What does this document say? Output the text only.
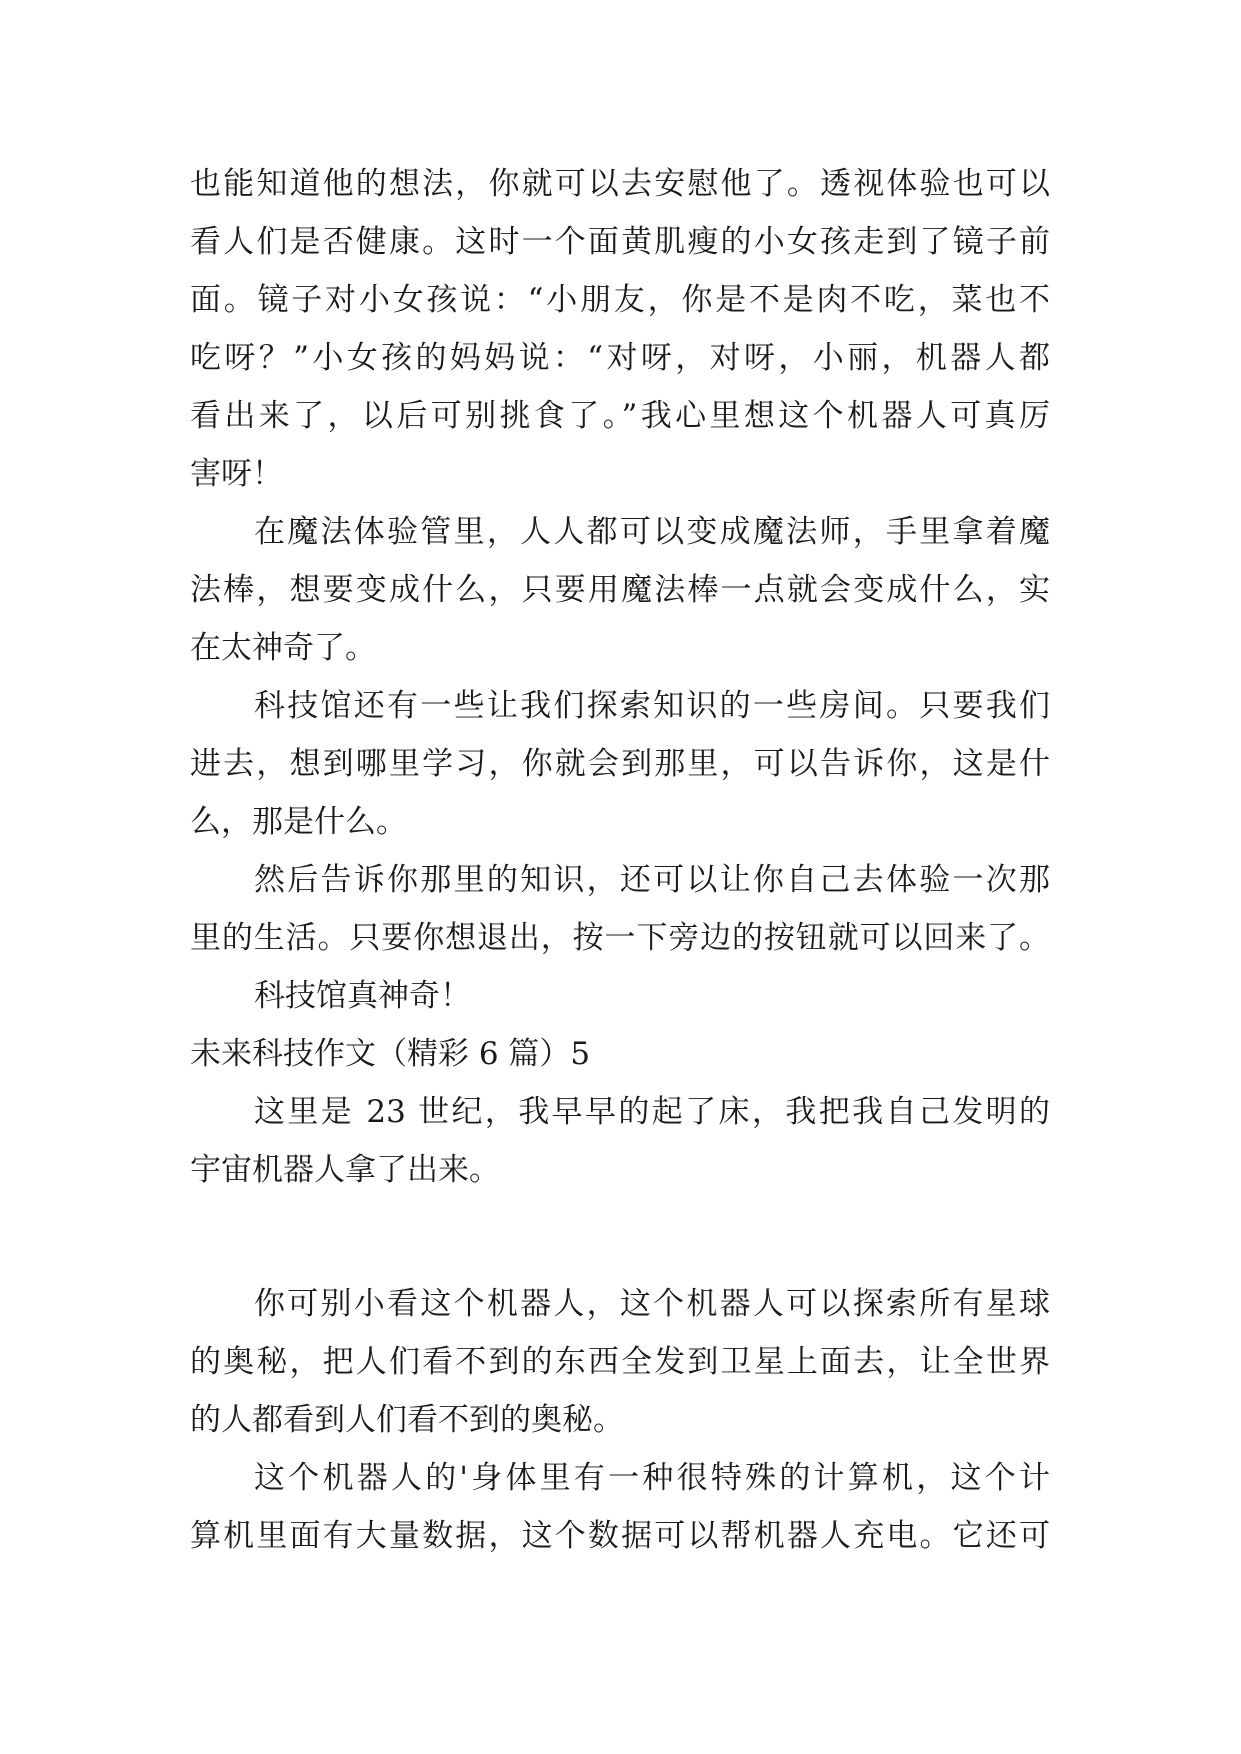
也能知道他的想法，你就可以去安慰他了。透视体验也可以
看人们是否健康。这时一个面黄肌瘦的小女孩走到了镜子前
面。镜子对小女孩说：“小朋友，你是不是肉不吃，菜也不
吃呀？”小女孩的妈妈说：“对呀，对呀，小丽，机器人都
看出来了，以后可别挑食了。”我心里想这个机器人可真厉
害呀！
在魔法体验管里，人人都可以变成魔法师，手里拿着魔
法棒，想要变成什么，只要用魔法棒一点就会变成什么，实
在太神奇了。
科技馆还有一些让我们探索知识的一些房间。只要我们
进去，想到哪里学习，你就会到那里，可以告诉你，这是什
么，那是什么。
然后告诉你那里的知识，还可以让你自己去体验一次那
里的生活。只要你想退出，按一下旁边的按钮就可以回来了。
科技馆真神奇！
未来科技作文（精彩 6 篇）5
这里是 23 世纪，我早早的起了床，我把我自己发明的
宇宙机器人拿了出来。
你可别小看这个机器人，这个机器人可以探索所有星球
的奥秘，把人们看不到的东西全发到卫星上面去，让全世界
的人都看到人们看不到的奥秘。
这个机器人的'身体里有一种很特殊的计算机，这个计
算机里面有大量数据，这个数据可以帮机器人充电。它还可
